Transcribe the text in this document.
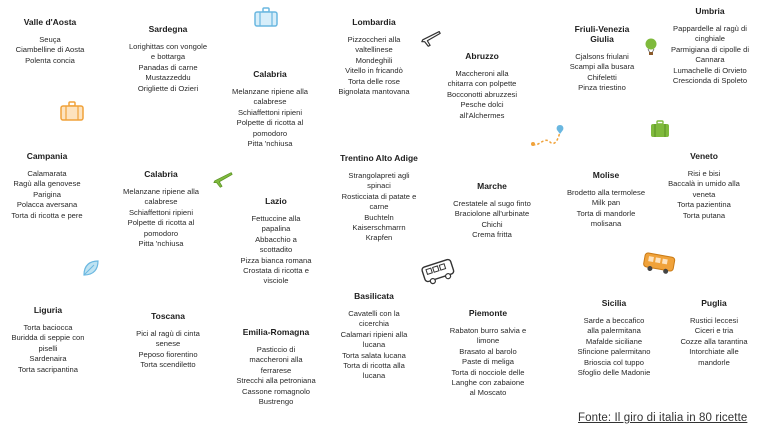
Valle d'Aosta
Seuça
Ciambelline di Aosta
Polenta concia
Sardegna
Lorighittas con vongole
e bottarga
Panadas di carne
Mustazzeddu
Origliette di Ozieri
Calabria
Melanzane ripiene alla
calabrese
Schiaffettoni ripieni
Polpette di ricotta al
pomodoro
Pitta 'nchiusa
Lombardia
Pizzoccheri alla
valtellinese
Mondeghili
Vitello in fricandò
Torta delle rose
Bignolata mantovana
Abruzzo
Maccheroni alla
chitarra con polpette
Bocconotti abruzzesi
Pesche dolci
all'Alchermes
Friuli-Venezia
Giulia
Cjalsons friulani
Scampi alla busara
Chifeletti
Pinza triestino
Umbria
Pappardelle al ragù di
cinghiale
Parmigiana di cipolle di
Cannara
Lumachelle di Orvieto
Crescionda di Spoleto
Campania
Calamarata
Ragù alla genovese
Parigina
Polacca aversana
Torta di ricotta e pere
Calabria
Melanzane ripiene alla
calabrese
Schiaffettoni ripieni
Polpette di ricotta al
pomodoro
Pitta 'nchiusa
Trentino Alto Adige
Strangolapreti agli
spinaci
Rosticciata di patate e
carne
Buchteln
Kaiserschmarrn
Krapfen
Marche
Crestatele al sugo finto
Braciolone all'urbinate
Chichi
Crema fritta
Molise
Brodetto alla termolese
Milk pan
Torta di mandorle
molisana
Veneto
Risi e bisi
Baccalà in umido alla
veneta
Torta pazientina
Torta putana
Lazio
Fettuccine alla
papalina
Abbacchio a
scottadito
Pizza bianca romana
Crostata di ricotta e
visciole
Liguria
Torta baciocca
Buridda di seppie con
piselli
Sardenaira
Torta sacripantina
Toscana
Pici al ragù di cinta
senese
Peposo fiorentino
Torta scendiletto
Emilia-Romagna
Pasticcio di
maccheroni alla
ferrarese
Strecchi alla petroniana
Cassone romagnolo
Bustrengo
Basilicata
Cavatelli con la
cicerchia
Calamari ripieni alla
lucana
Torta salata lucana
Torta di ricotta alla
lucana
Piemonte
Rabaton burro salvia e
limone
Brasato al barolo
Paste di meliga
Torta di nocciole delle
Langhe con zabaione
al Moscato
Sicilia
Sarde a beccafico
alla palermitana
Mafalde siciliane
Sfincione palermitano
Brioscia col tuppo
Sfoglio delle Madonie
Puglia
Rustici leccesi
Ciceri e tria
Cozze alla tarantina
Intorchiate alle
mandorle
Fonte: Il giro di italia in 80 ricette
